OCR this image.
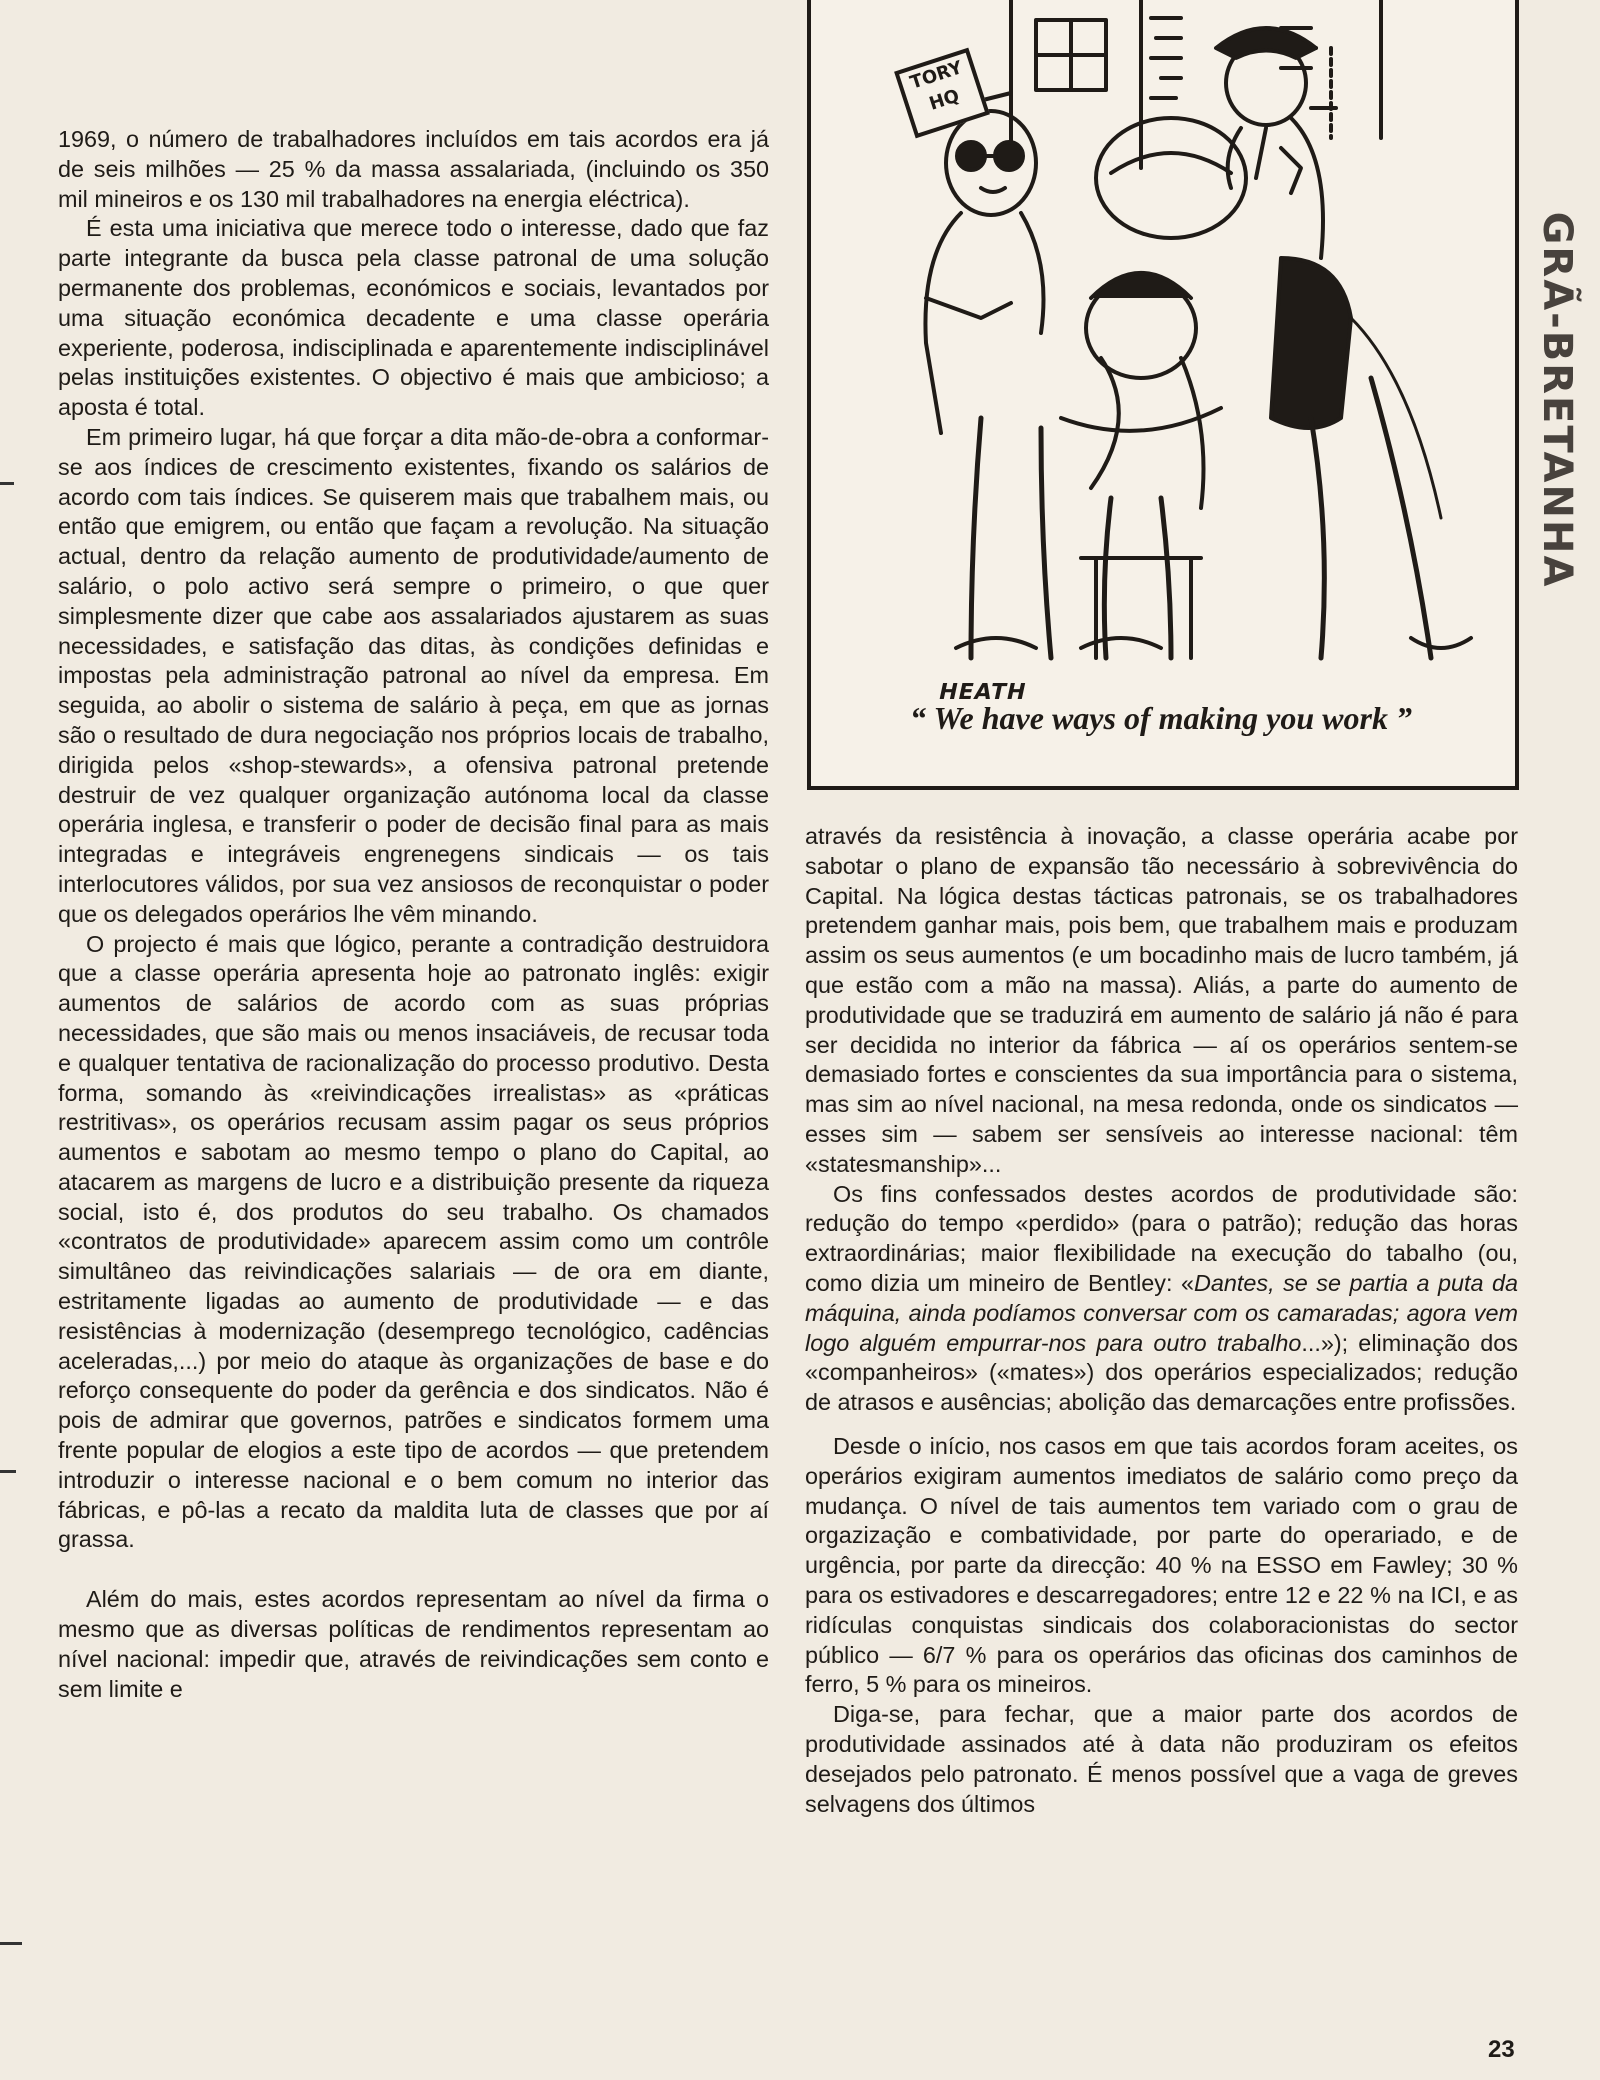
1969, o número de trabalhadores incluídos em tais acordos era já de seis milhões — 25 % da massa assalariada, (incluindo os 350 mil mineiros e os 130 mil trabalhadores na energia eléctrica).

É esta uma iniciativa que merece todo o interesse, dado que faz parte integrante da busca pela classe patronal de uma solução permanente dos problemas, económicos e sociais, levantados por uma situação económica decadente e uma classe operária experiente, poderosa, indisciplinada e aparentemente indisciplinável pelas instituições existentes. O objectivo é mais que ambicioso; a aposta é total.

Em primeiro lugar, há que forçar a dita mão-de-obra a conformar-se aos índices de crescimento existentes, fixando os salários de acordo com tais índices. Se quiserem mais que trabalhem mais, ou então que emigrem, ou então que façam a revolução. Na situação actual, dentro da relação aumento de produtividade/aumento de salário, o polo activo será sempre o primeiro, o que quer simplesmente dizer que cabe aos assalariados ajustarem as suas necessidades, e satisfação das ditas, às condições definidas e impostas pela administração patronal ao nível da empresa. Em seguida, ao abolir o sistema de salário à peça, em que as jornas são o resultado de dura negociação nos próprios locais de trabalho, dirigida pelos «shop-stewards», a ofensiva patronal pretende destruir de vez qualquer organização autónoma local da classe operária inglesa, e transferir o poder de decisão final para as mais integradas e integráveis engrenegens sindicais — os tais interlocutores válidos, por sua vez ansiosos de reconquistar o poder que os delegados operários lhe vêm minando.

O projecto é mais que lógico, perante a contradição destruidora que a classe operária apresenta hoje ao patronato inglês: exigir aumentos de salários de acordo com as suas próprias necessidades, que são mais ou menos insaciáveis, de recusar toda e qualquer tentativa de racionalização do processo produtivo. Desta forma, somando às «reivindicações irrealistas» as «práticas restritivas», os operários recusam assim pagar os seus próprios aumentos e sabotam ao mesmo tempo o plano do Capital, ao atacarem as margens de lucro e a distribuição presente da riqueza social, isto é, dos produtos do seu trabalho. Os chamados «contratos de produtividade» aparecem assim como um contrôle simultâneo das reivindicações salariais — de ora em diante, estritamente ligadas ao aumento de produtividade — e das resistências à modernização (desemprego tecnológico, cadências aceleradas,...) por meio do ataque às organizações de base e do reforço consequente do poder da gerência e dos sindicatos. Não é pois de admirar que governos, patrões e sindicatos formem uma frente popular de elogios a este tipo de acordos — que pretendem introduzir o interesse nacional e o bem comum no interior das fábricas, e pô-las a recato da maldita luta de classes que por aí grassa.

Além do mais, estes acordos representam ao nível da firma o mesmo que as diversas políticas de rendimentos representam ao nível nacional: impedir que, através de reivindicações sem conto e sem limite e

TORY HQ
HEATH
“ We have ways of making you work ”

através da resistência à inovação, a classe operária acabe por sabotar o plano de expansão tão necessário à sobrevivência do Capital. Na lógica destas tácticas patronais, se os trabalhadores pretendem ganhar mais, pois bem, que trabalhem mais e produzam assim os seus aumentos (e um bocadinho mais de lucro também, já que estão com a mão na massa). Aliás, a parte do aumento de produtividade que se traduzirá em aumento de salário já não é para ser decidida no interior da fábrica — aí os operários sentem-se demasiado fortes e conscientes da sua importância para o sistema, mas sim ao nível nacional, na mesa redonda, onde os sindicatos — esses sim — sabem ser sensíveis ao interesse nacional: têm «statesmanship»...

Os fins confessados destes acordos de produtividade são: redução do tempo «perdido» (para o patrão); redução das horas extraordinárias; maior flexibilidade na execução do tabalho (ou, como dizia um mineiro de Bentley: «Dantes, se se partia a puta da máquina, ainda podíamos conversar com os camaradas; agora vem logo alguém empurrar-nos para outro trabalho...»); eliminação dos «companheiros» («mates») dos operários especializados; redução de atrasos e ausências; abolição das demarcações entre profissões.

Desde o início, nos casos em que tais acordos foram aceites, os operários exigiram aumentos imediatos de salário como preço da mudança. O nível de tais aumentos tem variado com o grau de orgazização e combatividade, por parte do operariado, e de urgência, por parte da direcção: 40 % na ESSO em Fawley; 30 % para os estivadores e descarregadores; entre 12 e 22 % na ICI, e as ridículas conquistas sindicais dos colaboracionistas do sector público — 6/7 % para os operários das oficinas dos caminhos de ferro, 5 % para os mineiros.

Diga-se, para fechar, que a maior parte dos acordos de produtividade assinados até à data não produziram os efeitos desejados pelo patronato. É menos possível que a vaga de greves selvagens dos últimos

GRÃ-BRETANHA
23
